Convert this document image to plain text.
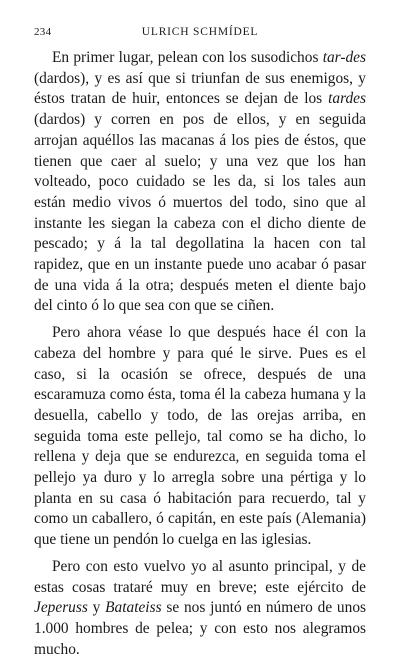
234	ULRICH SCHMÍDEL

En primer lugar, pelean con los susodichos tar-des (dardos), y es así que si triunfan de sus enemigos, y éstos tratan de huir, entonces se dejan de los tardes (dardos) y corren en pos de ellos, y en seguida arrojan aquéllos las macanas á los pies de éstos, que tienen que caer al suelo; y una vez que los han volteado, poco cuidado se les da, si los tales aun están medio vivos ó muertos del todo, sino que al instante les siegan la cabeza con el dicho diente de pescado; y á la tal degollatina la hacen con tal rapidez, que en un instante puede uno acabar ó pasar de una vida á la otra; después meten el diente bajo del cinto ó lo que sea con que se ciñen.

Pero ahora véase lo que después hace él con la cabeza del hombre y para qué le sirve. Pues es el caso, si la ocasión se ofrece, después de una escaramuza como ésta, toma él la cabeza humana y la desuella, cabello y todo, de las orejas arriba, en seguida toma este pellejo, tal como se ha dicho, lo rellena y deja que se endurezca, en seguida toma el pellejo ya duro y lo arregla sobre una pértiga y lo planta en su casa ó habitación para recuerdo, tal y como un caballero, ó capitán, en este país (Alemania) que tiene un pendón lo cuelga en las iglesias.

Pero con esto vuelvo yo al asunto principal, y de estas cosas trataré muy en breve; este ejército de Jeperuss y Batateiss se nos juntó en número de unos 1.000 hombres de pelea; y con esto nos alegramos mucho.
